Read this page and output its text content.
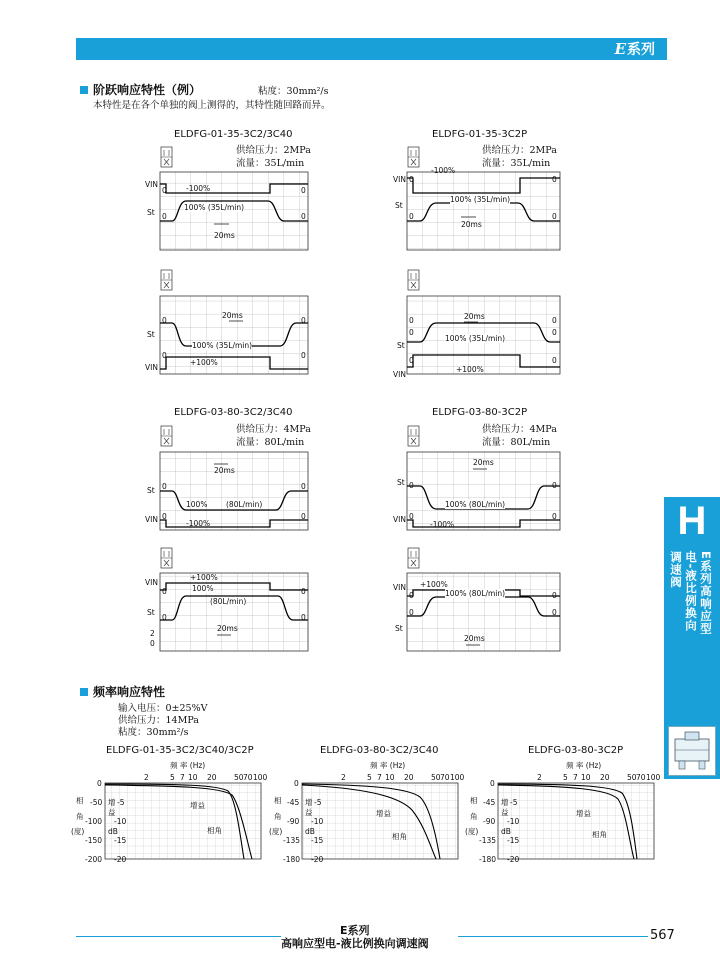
E系列
阶跃响应特性（例）	粘度：30mm²/s
本特性是在各个单独的阀上测得的，其特性随回路而异。
ELDFG-01-35-3C2/3C40
供给压力：2MPa
流量：35L/min
ELDFG-01-35-3C2P
供给压力：2MPa
流量：35L/min
ELDFG-03-80-3C2/3C40
供给压力：4MPa
流量：80L/min
ELDFG-03-80-3C2P
供给压力：4MPa
流量：80L/min
VIN
0	0
-100%
St 0	0
100% (35L/min)
20ms
-100%
VIN 0	0
St
0	0
100% (35L/min)
20ms
20ms
0	0
St
100% (35L/min)
0	0
+100%
VIN
20ms
0	0
100% (35L/min)
0	0
St
0	0
+100%
VIN
20ms
St 0	0
100% (80L/min)
VIN 0	0
-100%
20ms
St 0	0
100% (80L/min)
VIN 0	0
-100%
+100%
VIN
100%
0	0
(80L/min)
St
0	0
20ms
2
0
VIN +100%
0	0
100% (80L/min)
0	0
St
20ms
频率响应特性
输入电压：0±25%V
供给压力：14MPa
粘度：30mm²/s
ELDFG-01-35-3C2/3C40/3C2P	ELDFG-03-80-3C2/3C40	ELDFG-03-80-3C2P
频 率 (Hz)
2	5 7 10 20 50 70 100
0
-50
-100
-150
-200
相
角
(度)
增
益
dB
-5
-10
-15
-20
增益
相角
频 率 (Hz)
2	5 7 10 20 50 70 100
0
-45
-90
-135
-180
相
角
(度)
增
益
dB
-5
-10
-15
-20
增益
相角
频 率 (Hz)
2	5 7 10 20 50 70 100
0
-45
-90
-135
-180
相
角
(度)
增
益
dB
-5
-10
-15
-20
增益
相角
H
E系列高响应型
电-液比例换向
调速阀
E系列
高响应型电-液比例换向调速阀
567
